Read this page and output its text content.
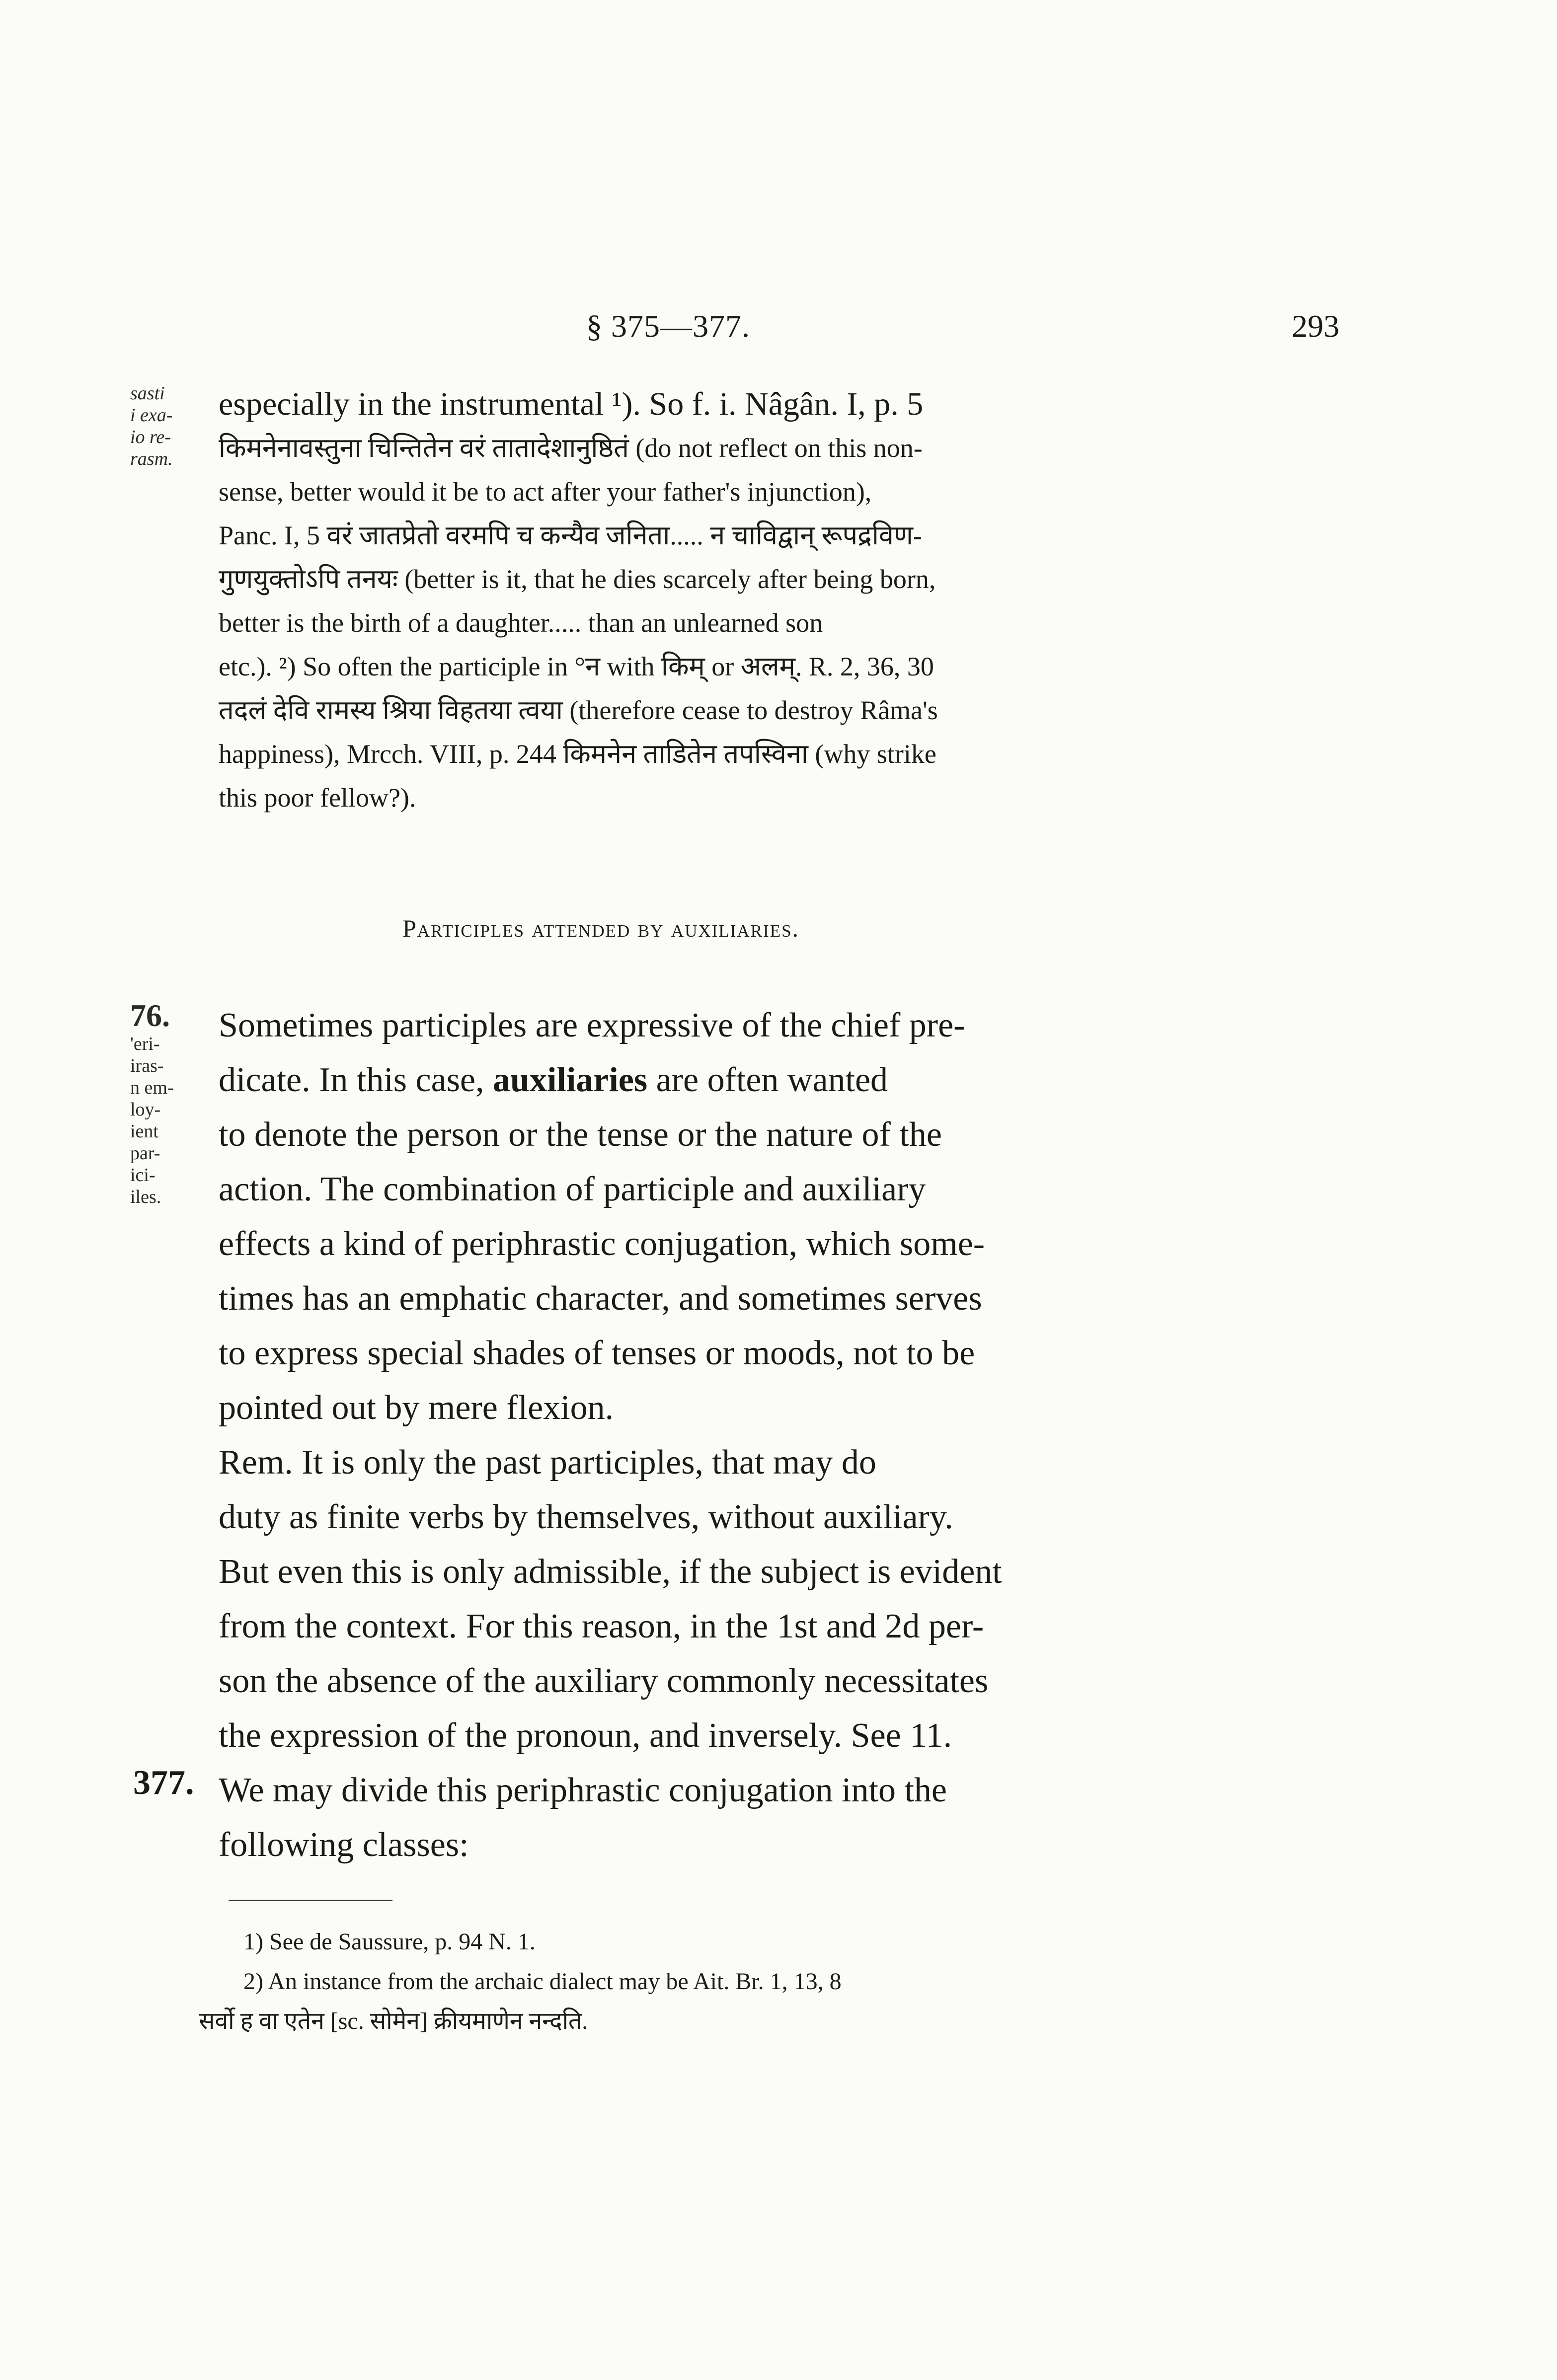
§ 375—377.	293
sasti
i exa-
io re-
rasm.
especially in the instrumental ¹). So f. i. Nâgân. I, p. 5
किमनेनावस्तुना चिन्तितेन वरं तातादेशानुष्ठितं (do not reflect on this non-
sense, better would it be to act after your father's injunction),
Panc. I, 5 वरं जातप्रेतो वरमपि च कन्यैव जनिता..... न चाविद्वान् रूपद्रविण-
गुणयुक्तोऽपि तनयः (better is it, that he dies scarcely after being born,
better is the birth of a daughter..... than an unlearned son
etc.). ²) So often the participle in °न with किम् or अलम्. R. 2, 36, 30
तदलं देवि रामस्य श्रिया विहतया त्वया (therefore cease to destroy Râma's
happiness), Mrcch. VIII, p. 244 किमनेन ताडितेन तपस्विना (why strike
this poor fellow?).
Participles attended by auxiliaries.
76.
'eri-
iras-
n em-
loy-
ient
par-
ici-
iles.
Sometimes participles are expressive of the chief pre-
dicate. In this case, auxiliaries are often wanted
to denote the person or the tense or the nature of the
action. The combination of participle and auxiliary
effects a kind of periphrastic conjugation, which some-
times has an emphatic character, and sometimes serves
to express special shades of tenses or moods, not to be
pointed out by mere flexion.
Rem. It is only the past participles, that may do
duty as finite verbs by themselves, without auxiliary.
But even this is only admissible, if the subject is evident
from the context. For this reason, in the 1st and 2d per-
son the absence of the auxiliary commonly necessitates
the expression of the pronoun, and inversely. See 11.
377. We may divide this periphrastic conjugation into the
following classes:
1) See de Saussure, p. 94 N. 1.
2) An instance from the archaic dialect may be Ait. Br. 1, 13, 8
सर्वो ह वा एतेन [sc. सोमेन] क्रीयमाणेन नन्दति.
